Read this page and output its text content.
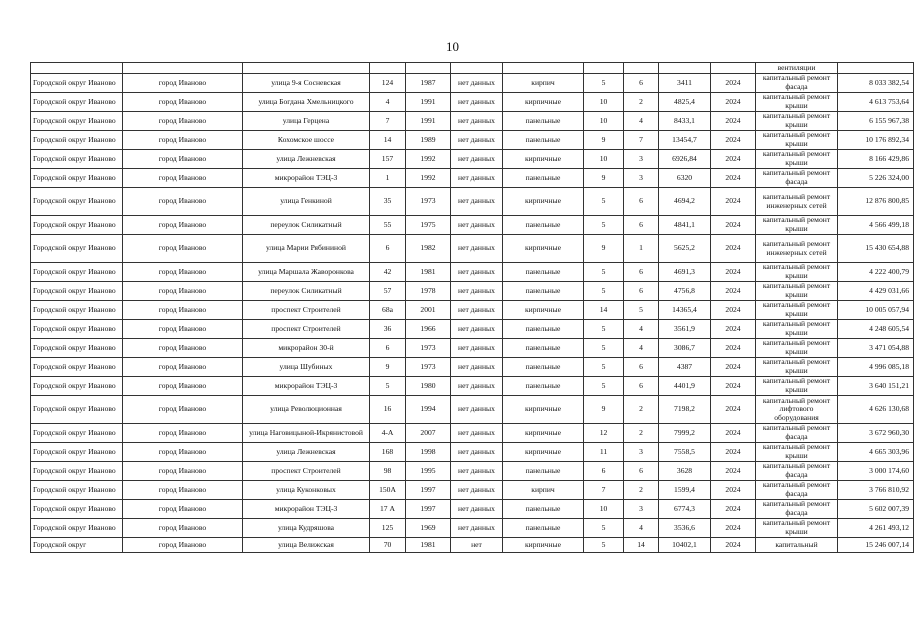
10
											вентиляции	
Городской округ Иваново	город Иваново	улица 9-я Сосневская	124	1987	нет данных	кирпич	5	6	3411	2024	капитальный ремонт фасада	8 033 382,54
Городской округ Иваново	город Иваново	улица Богдана Хмельницкого	4	1991	нет данных	кирпичные	10	2	4825,4	2024	капитальный ремонт крыши	4 613 753,64
Городской округ Иваново	город Иваново	улица Герцена	7	1991	нет данных	панельные	10	4	8433,1	2024	капитальный ремонт крыши	6 155 967,38
Городской округ Иваново	город Иваново	Кохомское шоссе	14	1989	нет данных	панельные	9	7	13454,7	2024	капитальный ремонт крыши	10 176 892,34
Городской округ Иваново	город Иваново	улица Лежневская	157	1992	нет данных	кирпичные	10	3	6926,84	2024	капитальный ремонт крыши	8 166 429,86
Городской округ Иваново	город Иваново	микрорайон ТЭЦ-3	1	1992	нет данных	панельные	9	3	6320	2024	капитальный ремонт фасада	5 226 324,00
Городской округ Иваново	город Иваново	улица Генкиной	35	1973	нет данных	кирпичные	5	6	4694,2	2024	капитальный ремонт инженерных сетей	12 876 800,85
Городской округ Иваново	город Иваново	переулок Силикатный	55	1975	нет данных	панельные	5	6	4841,1	2024	капитальный ремонт крыши	4 566 499,18
Городской округ Иваново	город Иваново	улица Марии Рябининой	6	1982	нет данных	кирпичные	9	1	5625,2	2024	капитальный ремонт инженерных сетей	15 430 654,88
Городской округ Иваново	город Иваново	улица Маршала Жаворонкова	42	1981	нет данных	панельные	5	6	4691,3	2024	капитальный ремонт крыши	4 222 400,79
Городской округ Иваново	город Иваново	переулок Силикатный	57	1978	нет данных	панельные	5	6	4756,8	2024	капитальный ремонт крыши	4 429 031,66
Городской округ Иваново	город Иваново	проспект Строителей	68а	2001	нет данных	кирпичные	14	5	14365,4	2024	капитальный ремонт крыши	10 005 057,94
Городской округ Иваново	город Иваново	проспект Строителей	36	1966	нет данных	панельные	5	4	3561,9	2024	капитальный ремонт крыши	4 248 605,54
Городской округ Иваново	город Иваново	микрорайон 30-й	6	1973	нет данных	панельные	5	4	3086,7	2024	капитальный ремонт крыши	3 471 054,88
Городской округ Иваново	город Иваново	улица Шубиных	9	1973	нет данных	панельные	5	6	4387	2024	капитальный ремонт крыши	4 996 085,18
Городской округ Иваново	город Иваново	микрорайон ТЭЦ-3	5	1980	нет данных	панельные	5	6	4401,9	2024	капитальный ремонт крыши	3 640 151,21
Городской округ Иваново	город Иваново	улица Революционная	16	1994	нет данных	кирпичные	9	2	7198,2	2024	капитальный ремонт лифтового оборудования	4 626 130,68
Городской округ Иваново	город Иваново	улица Наговицыной-Икрянистовой	4-А	2007	нет данных	кирпичные	12	2	7999,2	2024	капитальный ремонт фасада	3 672 960,30
Городской округ Иваново	город Иваново	улица Лежневская	168	1998	нет данных	кирпичные	11	3	7558,5	2024	капитальный ремонт крыши	4 665 303,96
Городской округ Иваново	город Иваново	проспект Строителей	98	1995	нет данных	панельные	6	6	3628	2024	капитальный ремонт фасада	3 000 174,60
Городской округ Иваново	город Иваново	улица Куконковых	150А	1997	нет данных	кирпич	7	2	1599,4	2024	капитальный ремонт фасада	3 766 810,92
Городской округ Иваново	город Иваново	микрорайон ТЭЦ-3	17 А	1997	нет данных	панельные	10	3	6774,3	2024	капитальный ремонт фасада	5 602 007,39
Городской округ Иваново	город Иваново	улица Кудряшова	125	1969	нет данных	панельные	5	4	3536,6	2024	капитальный ремонт крыши	4 261 493,12
Городской округ	город Иваново	улица Велижская	70	1981	нет	кирпичные	5	14	10402,1	2024	капитальный	15 246 007,14
